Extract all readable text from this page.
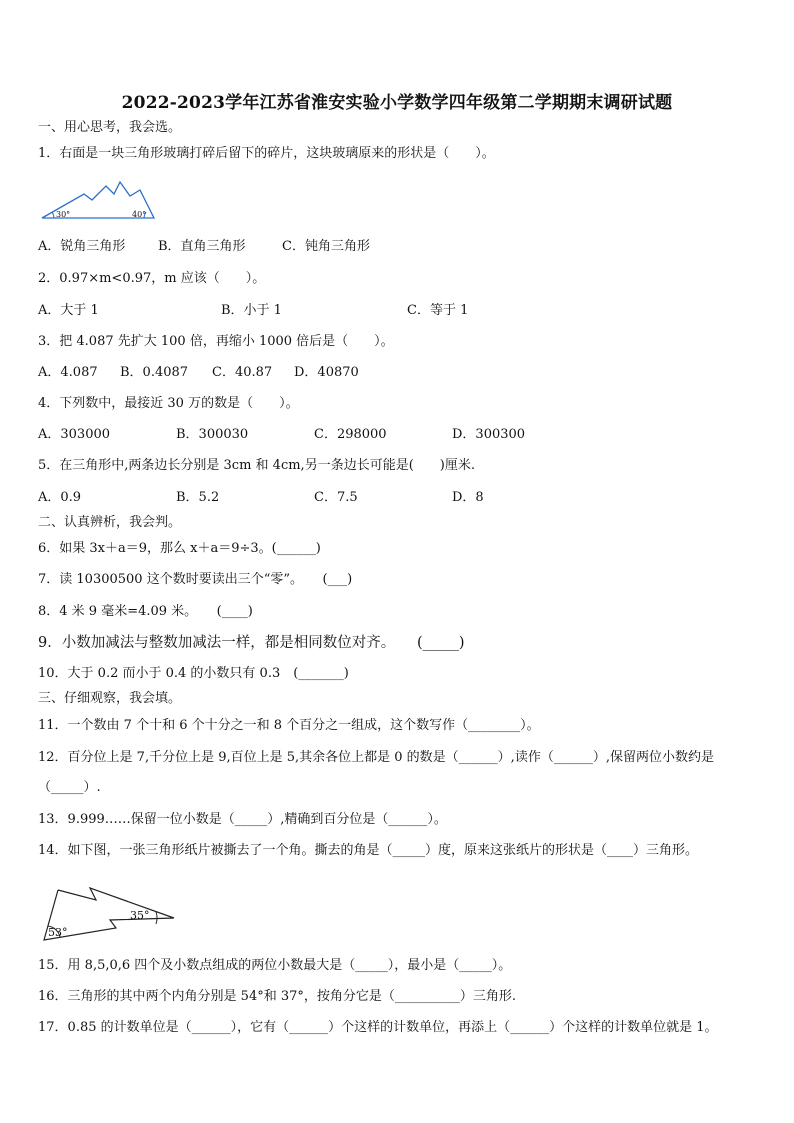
2022-2023学年江苏省淮安实验小学数学四年级第二学期期末调研试题
一、用心思考，我会选。
1．右面是一块三角形玻璃打碎后留下的碎片，这块玻璃原来的形状是（　　）。
30°	40°
A．锐角三角形	B．直角三角形	C．钝角三角形
2．0.97×m<0.97，m 应该（　　）。
A．大于 1	B．小于 1	C．等于 1
3．把 4.087 先扩大 100 倍，再缩小 1000 倍后是（　　）。
A．4.087 B．0.4087 C．40.87 D．40870
4．下列数中，最接近 30 万的数是（　　）。
A．303000	B．300030	C．298000	D．300300
5．在三角形中,两条边长分别是 3cm 和 4cm,另一条边长可能是(　　)厘米.
A．0.9	B．5.2	C．7.5	D．8
二、认真辨析，我会判。
6．如果 3x＋a＝9，那么 x＋a＝9÷3。(______)
7．读 10300500 这个数时要读出三个“零”。　　(___)
8．4 米 9 毫米=4.09 米。　　(____)
9．小数加减法与整数加减法一样，都是相同数位对齐。　　(_____)
10．大于 0.2 而小于 0.4 的小数只有 0.3　(_______)
三、仔细观察，我会填。
11．一个数由 7 个十和 6 个十分之一和 8 个百分之一组成，这个数写作（________）。
12．百分位上是 7,千分位上是 9,百位上是 5,其余各位上都是 0 的数是（______）,读作（______）,保留两位小数约是
（_____）.
13．9.999……保留一位小数是（_____）,精确到百分位是（______）。
14．如下图，一张三角形纸片被撕去了一个角。撕去的角是（_____）度，原来这张纸片的形状是（____）三角形。
53°
35°
15．用 8,5,0,6 四个及小数点组成的两位小数最大是（_____），最小是（_____）。
16．三角形的其中两个内角分别是 54°和 37°，按角分它是（__________）三角形.
17．0.85 的计数单位是（______），它有（______）个这样的计数单位，再添上（______）个这样的计数单位就是 1。
